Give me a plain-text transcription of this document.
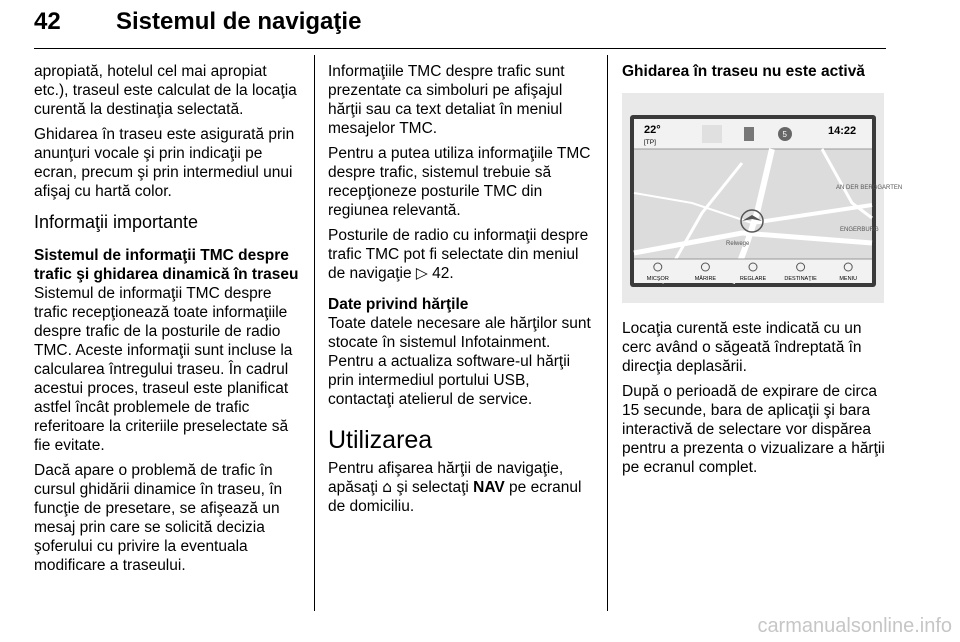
42 Sistemul de navigaţie

apropiată, hotelul cel mai apropiat etc.), traseul este calculat de la locaţia curentă la destinaţia selectată.

Ghidarea în traseu este asigurată prin anunţuri vocale şi prin indicaţii pe ecran, precum şi prin intermediul unui afişaj cu hartă color.

Informaţii importante
Sistemul de informaţii TMC despre trafic şi ghidarea dinamică în traseu

Sistemul de informaţii TMC despre trafic recepţionează toate informaţiile despre trafic de la posturile de radio TMC. Aceste informaţii sunt incluse la calcularea întregului traseu. În cadrul acestui proces, traseul este planificat astfel încât problemele de trafic referitoare la criteriile preselectate să fie evitate.

Dacă apare o problemă de trafic în cursul ghidării dinamice în traseu, în funcţie de presetare, se afişează un mesaj prin care se solicită decizia şoferului cu privire la eventuala modificare a traseului.

Informaţiile TMC despre trafic sunt prezentate ca simboluri pe afişajul hărţii sau ca text detaliat în meniul mesajelor TMC.

Pentru a putea utiliza informaţiile TMC despre trafic, sistemul trebuie să recepţioneze posturile TMC din regiunea relevantă.

Posturile de radio cu informaţii despre trafic TMC pot fi selectate din meniul de navigaţie ▷ 42.

Date privind hărţile

Toate datele necesare ale hărţilor sunt stocate în sistemul Infotainment. Pentru a actualiza software-ul hărţii prin intermediul portului USB, contactaţi atelierul de service.

Utilizarea

Pentru afişarea hărţii de navigaţie, apăsaţi ⌂ şi selectaţi NAV pe ecranul de domiciliu.

Ghidarea în traseu nu este activă
22°
[TP]
5	14:22
AN DER BERGGARTEN
ENGERBURG
Relwege
MICŞOR	MĂRIRE	REGLARE	DESTINAŢIE	MENIU

Locaţia curentă este indicată cu un cerc având o săgeată îndreptată în direcţia deplasării.

După o perioadă de expirare de circa 15 secunde, bara de aplicaţii şi bara interactivă de selectare vor dispărea pentru a prezenta o vizualizare a hărţii pe ecranul complet.

carmanualsonline.info
